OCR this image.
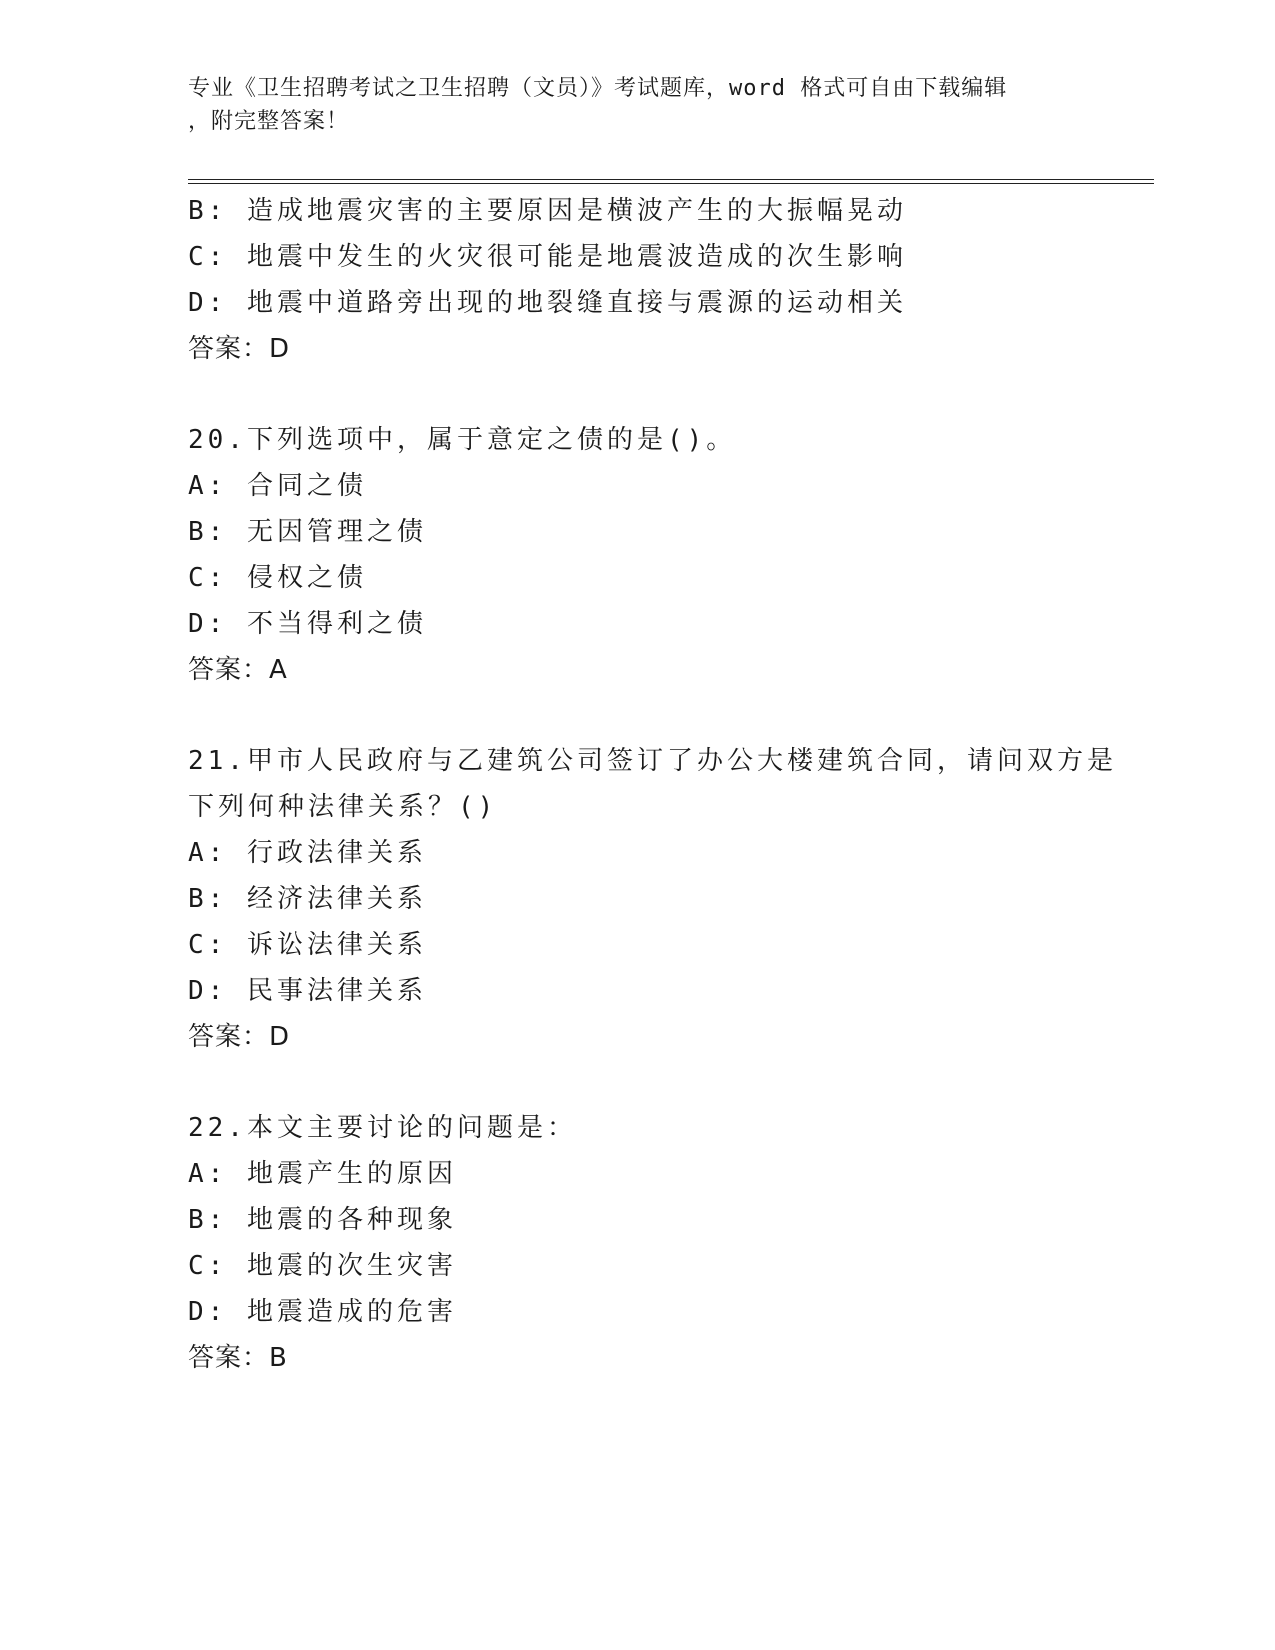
专业《卫生招聘考试之卫生招聘（文员）》考试题库，word 格式可自由下载编辑
，附完整答案！
B: 造成地震灾害的主要原因是横波产生的大振幅晃动
C: 地震中发生的火灾很可能是地震波造成的次生影响
D: 地震中道路旁出现的地裂缝直接与震源的运动相关
答案：D
20.下列选项中，属于意定之债的是()。
A: 合同之债
B: 无因管理之债
C: 侵权之债
D: 不当得利之债
答案：A
21.甲市人民政府与乙建筑公司签订了办公大楼建筑合同，请问双方是
下列何种法律关系？()
A: 行政法律关系
B: 经济法律关系
C: 诉讼法律关系
D: 民事法律关系
答案：D
22.本文主要讨论的问题是：
A: 地震产生的原因
B: 地震的各种现象
C: 地震的次生灾害
D: 地震造成的危害
答案：B
